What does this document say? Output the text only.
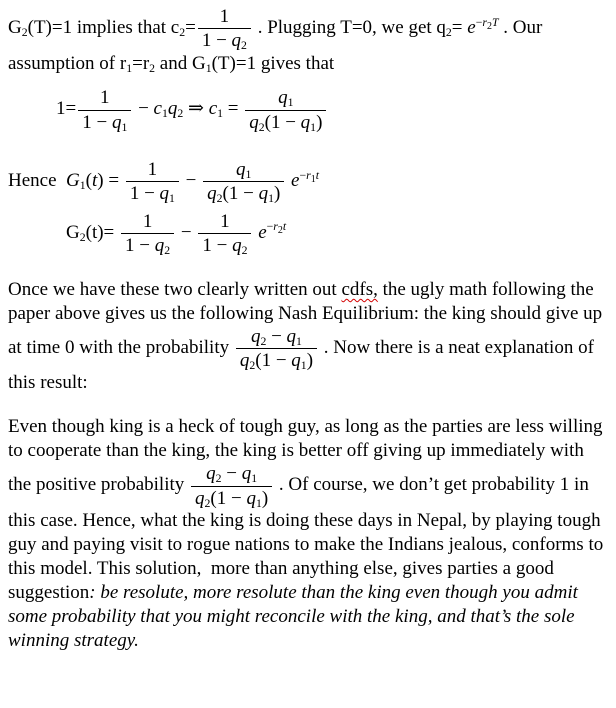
$G_2(T)=1$ implies that $c_2= \frac{1}{1 - q_2}$ . Plugging T=0, we get $q_2= e^{-r_2T}$ . Our assumption of $r_1=r_2$ and $G_1(T)=1$ gives that
$1= \frac{1}{1 - q_1} - c_1q_2$ ⇒ $c_1 = \frac{q_1}{q_2(1 - q_1)}$
Hence  $G_1(t) = \frac{1}{1 - q_1} - \frac{q_1}{q_2(1 - q_1)} e^{-r_1t}$
$G_2(t)= \frac{1}{1 - q_2} - \frac{1}{1 - q_2} e^{-r_2t}$
Once we have these two clearly written out cdfs, the ugly math following the paper above gives us the following Nash Equilibrium: the king should give up at time 0 with the probability $\frac{q_2 - q_1}{q_2(1 - q_1)}$ . Now there is a neat explanation of this result:
Even though king is a heck of tough guy, as long as the parties are less willing to cooperate than the king, the king is better off giving up immediately with the positive probability $\frac{q_2 - q_1}{q_2(1 - q_1)}$ . Of course, we don’t get probability 1 in this case. Hence, what the king is doing these days in Nepal, by playing tough guy and paying visit to rogue nations to make the Indians jealous, conforms to this model. This solution,  more than anything else, gives parties a good suggestion: be resolute, more resolute than the king even though you admit some probability that you might reconcile with the king, and that’s the sole winning strategy.
